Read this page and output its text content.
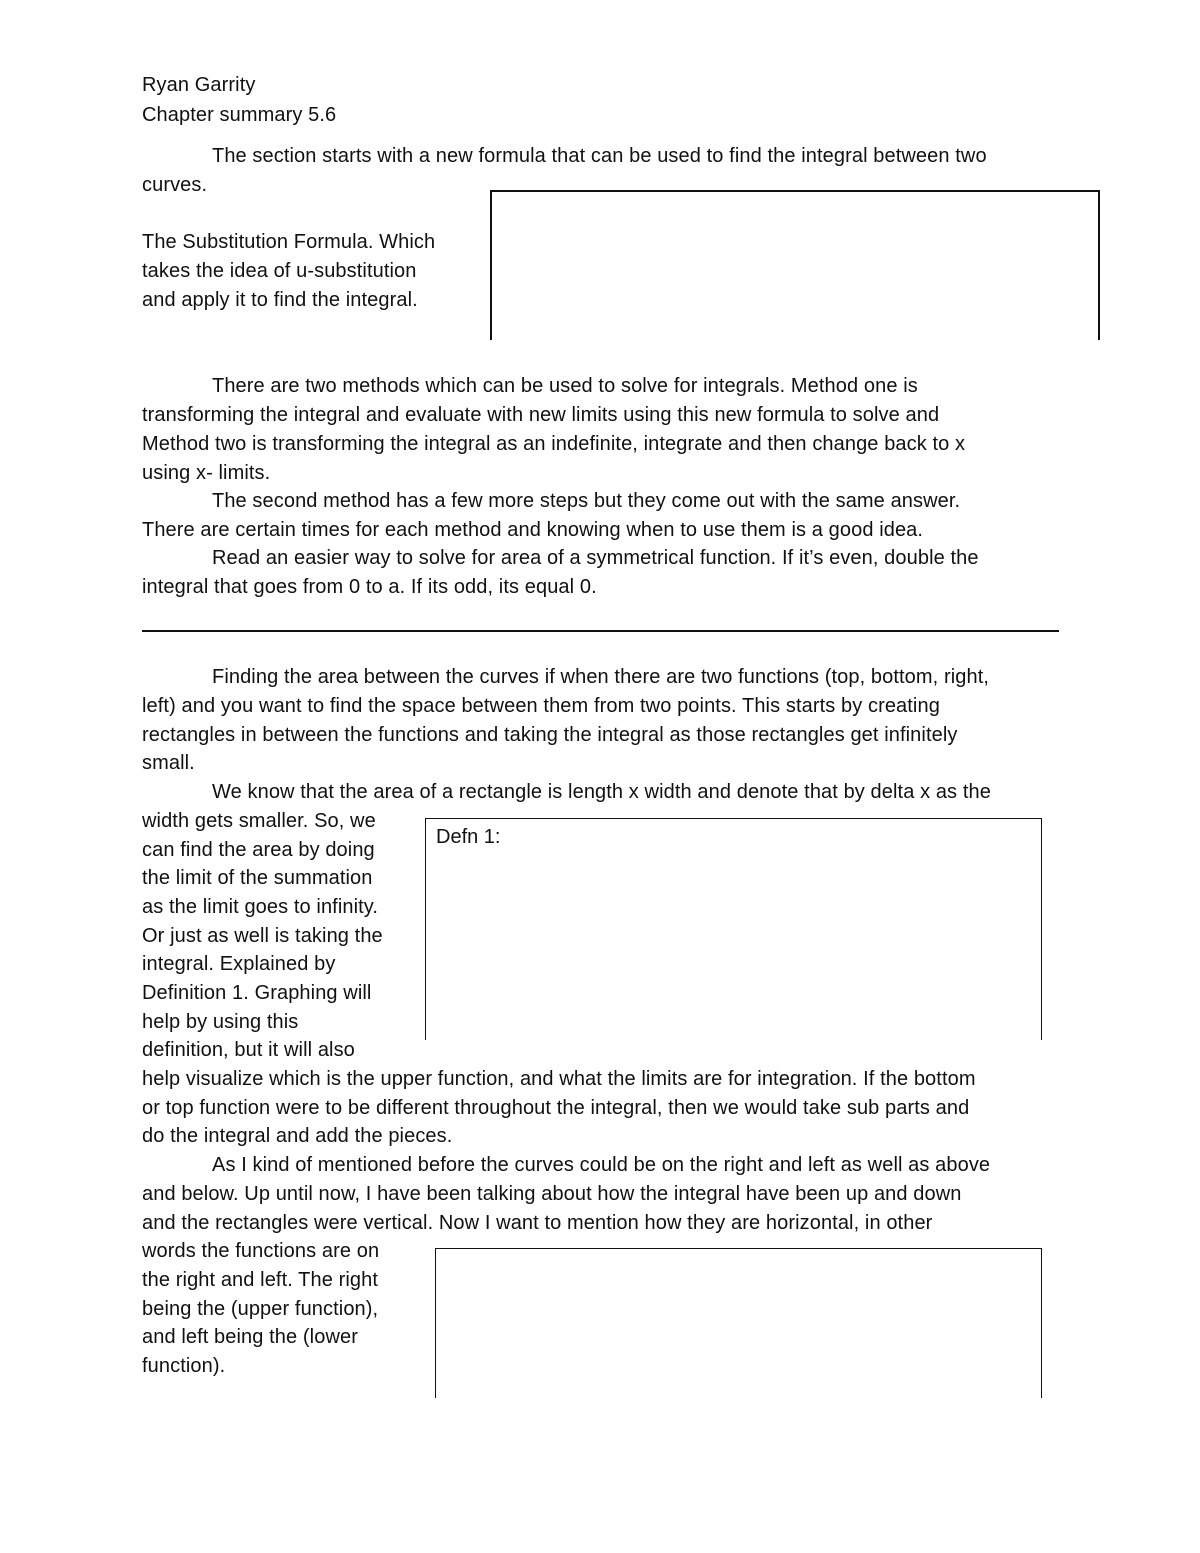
Ryan Garrity

Chapter summary 5.6

The section starts with a new formula that can be used to find the integral between two

curves.

The Substitution Formula. Which

takes the idea of u-substitution

and apply it to find the integral.

There are two methods which can be used to solve for integrals. Method one is

transforming the integral and evaluate with new limits using this new formula to solve and

Method two is transforming the integral as an indefinite, integrate and then change back to x

using x- limits.

The second method has a few more steps but they come out with the same answer.

There are certain times for each method and knowing when to use them is a good idea.

Read an easier way to solve for area of a symmetrical function. If it’s even, double the

integral that goes from 0 to a. If its odd, its equal 0.

Finding the area between the curves if when there are two functions (top, bottom, right,

left) and you want to find the space between them from two points. This starts by creating

rectangles in between the functions and taking the integral as those rectangles get infinitely

small.

We know that the area of a rectangle is length x width and denote that by delta x as the

width gets smaller. So, we

can find the area by doing

the limit of the summation

as the limit goes to infinity.

Or just as well is taking the

integral. Explained by

Definition 1. Graphing will

help by using this

definition, but it will also

Defn 1:

help visualize which is the upper function, and what the limits are for integration. If the bottom

or top function were to be different throughout the integral, then we would take sub parts and

do the integral and add the pieces.

As I kind of mentioned before the curves could be on the right and left as well as above

and below. Up until now, I have been talking about how the integral have been up and down

and the rectangles were vertical. Now I want to mention how they are horizontal, in other

words the functions are on

the right and left. The right

being the (upper function),

and left being the (lower

function).
